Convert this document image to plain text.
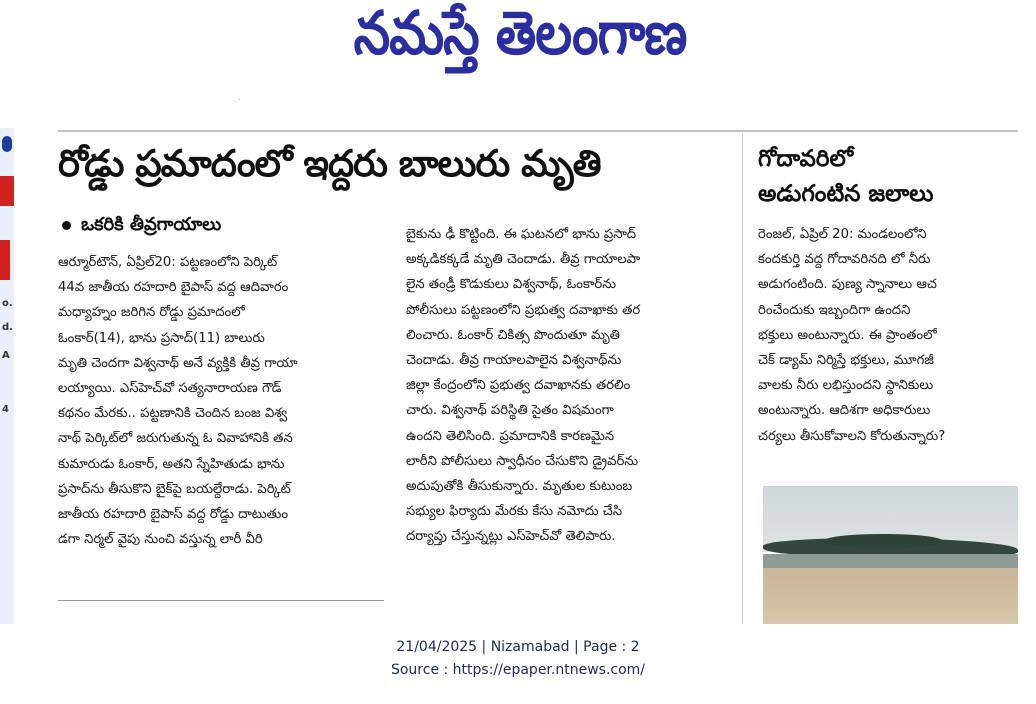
నమస్తే తెలంగాణ
·
o.
d.
A
4
రోడ్డు ప్రమాదంలో ఇద్దరు బాలురు మృతి
ఒకరికి తీవ్రగాయాలు

ఆర్మూర్‌టౌన్, ఏప్రిల్20: పట్టణంలోని పెర్కిట్

44వ జాతీయ రహదారి బైపాస్ వద్ద ఆదివారం

మధ్యాహ్నం జరిగిన రోడ్డు ప్రమాదంలో

ఓంకార్(14), భాను ప్రసాద్(11) బాలురు

మృతి చెందగా విశ్వనాథ్ అనే వ్యక్తికి తీవ్ర గాయా

లయ్యాయి. ఎస్‌హెచ్‌వో సత్యనారాయణ గౌడ్

కథనం మేరకు.. పట్టణానికి చెందిన బంజ విశ్వ

నాథ్ పెర్కిట్‌లో జరుగుతున్న ఓ వివాహానికి తన

కుమారుడు ఓంకార్, అతని స్నేహితుడు భాను

ప్రసాద్‌ను తీసుకొని బైక్‌పై బయల్దేరాడు. పెర్కిట్

జాతీయ రహదారి బైపాస్ వద్ద రోడ్డు దాటుతుం

డగా నిర్మల్ వైపు నుంచి వస్తున్న లారీ వీరి

బైకును ఢీ కొట్టింది. ఈ ఘటనలో భాను ప్రసాద్

అక్కడికక్కడే మృతి చెందాడు. తీవ్ర గాయాలపా

లైన తండ్రీ కొడుకులు విశ్వనాథ్, ఓంకార్‌ను

పోలీసులు పట్టణంలోని ప్రభుత్వ దవాఖాకు తర

లించారు. ఓంకార్ చికిత్స పొందుతూ మృతి

చెందాడు. తీవ్ర గాయాలపాలైన విశ్వనాథ్‌ను

జిల్లా కేంద్రంలోని ప్రభుత్వ దవాఖానకు తరలిం

చారు. విశ్వనాథ్ పరిస్థితి సైతం విషమంగా

ఉందని తెలిసింది. ప్రమాదానికి కారణమైన

లారీని పోలీసులు స్వాధీనం చేసుకొని డ్రైవర్‌ను

అదుపుతోకి తీసుకున్నారు. మృతుల కుటుంబ

సభ్యుల ఫిర్యాదు మేరకు కేసు నమోదు చేసి

దర్యాప్తు చేస్తున్నట్లు ఎస్‌హెచ్‌వో తెలిపారు.

గోదావరిలో
అడుగంటిన జలాలు

రెంజల్, ఏప్రిల్ 20: మండలంలోని

కందకుర్తి వద్ద గోదావరినది లో నీరు

అడుగంటింది. పుణ్య స్నానాలు ఆచ

రించేందుకు ఇబ్బందిగా ఉందని

భక్తులు అంటున్నారు. ఈ ప్రాంతంలో

చెక్ డ్యామ్ నిర్మిస్తే భక్తులు, మూగజీ

వాలకు నీరు లభిస్తుందని స్థానికులు

అంటున్నారు. ఆదిశగా అధికారులు

చర్యలు తీసుకోవాలని కోరుతున్నారు?

21/04/2025 | Nizamabad | Page : 2
Source : https://epaper.ntnews.com/
